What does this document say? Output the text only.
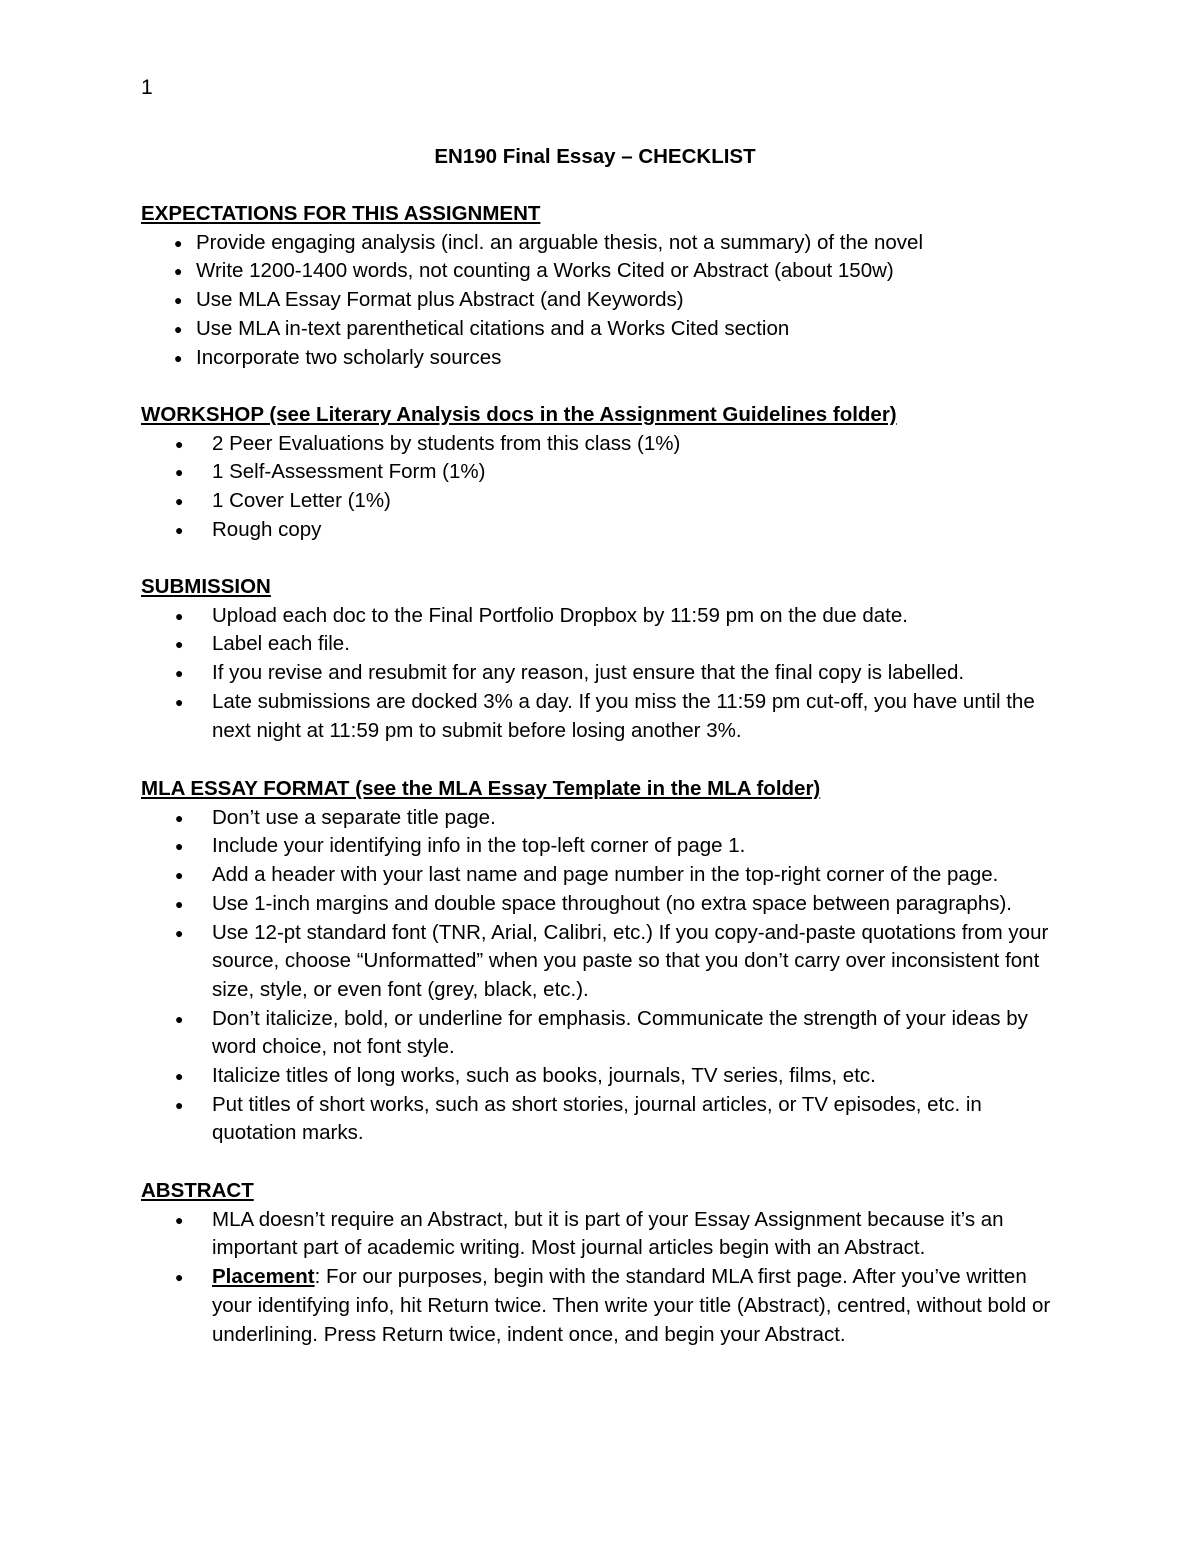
1
EN190 Final Essay – CHECKLIST
EXPECTATIONS FOR THIS ASSIGNMENT
● Provide engaging analysis (incl. an arguable thesis, not a summary) of the novel
● Write 1200-1400 words, not counting a Works Cited or Abstract (about 150w)
● Use MLA Essay Format plus Abstract (and Keywords)
● Use MLA in-text parenthetical citations and a Works Cited section
● Incorporate two scholarly sources
WORKSHOP (see Literary Analysis docs in the Assignment Guidelines folder)
● 2 Peer Evaluations by students from this class (1%)
● 1 Self-Assessment Form (1%)
● 1 Cover Letter (1%)
● Rough copy
SUBMISSION
● Upload each doc to the Final Portfolio Dropbox by 11:59 pm on the due date.
● Label each file.
● If you revise and resubmit for any reason, just ensure that the final copy is labelled.
● Late submissions are docked 3% a day. If you miss the 11:59 pm cut-off, you have until the next night at 11:59 pm to submit before losing another 3%.
MLA ESSAY FORMAT (see the MLA Essay Template in the MLA folder)
● Don’t use a separate title page.
● Include your identifying info in the top-left corner of page 1.
● Add a header with your last name and page number in the top-right corner of the page.
● Use 1-inch margins and double space throughout (no extra space between paragraphs).
● Use 12-pt standard font (TNR, Arial, Calibri, etc.) If you copy-and-paste quotations from your source, choose “Unformatted” when you paste so that you don’t carry over inconsistent font size, style, or even font (grey, black, etc.).
● Don’t italicize, bold, or underline for emphasis. Communicate the strength of your ideas by word choice, not font style.
● Italicize titles of long works, such as books, journals, TV series, films, etc.
● Put titles of short works, such as short stories, journal articles, or TV episodes, etc. in quotation marks.
ABSTRACT
● MLA doesn’t require an Abstract, but it is part of your Essay Assignment because it’s an important part of academic writing. Most journal articles begin with an Abstract.
● Placement: For our purposes, begin with the standard MLA first page. After you’ve written your identifying info, hit Return twice. Then write your title (Abstract), centred, without bold or underlining. Press Return twice, indent once, and begin your Abstract.
